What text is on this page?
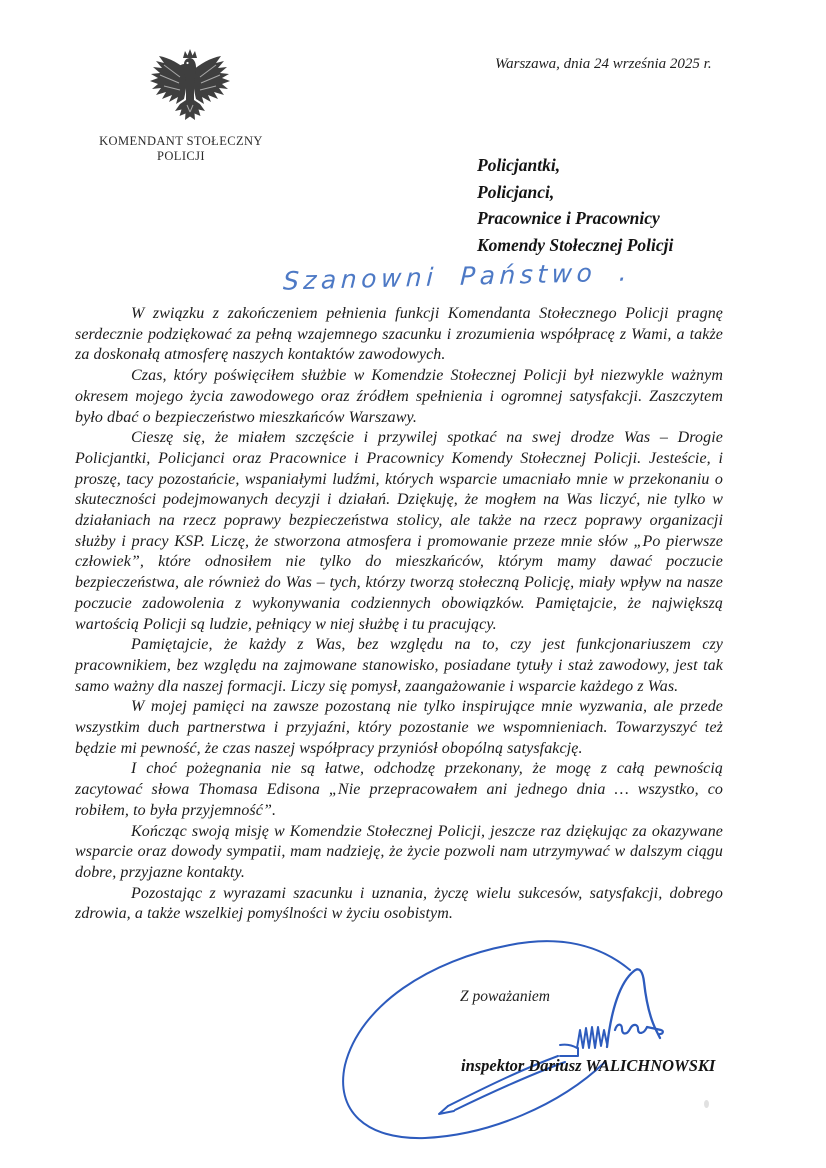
KOMENDANT STOŁECZNY POLICJI
Warszawa, dnia 24 września 2025 r.
Policjantki,
Policjanci,
Pracownice i Pracownicy
Komendy Stołecznej Policji
Szanowni Państwo .

W związku z zakończeniem pełnienia funkcji Komendanta Stołecznego Policji pragnę serdecznie podziękować za pełną wzajemnego szacunku i zrozumienia współpracę z Wami, a także za doskonałą atmosferę naszych kontaktów zawodowych.

Czas, który poświęciłem służbie w Komendzie Stołecznej Policji był niezwykle ważnym okresem mojego życia zawodowego oraz źródłem spełnienia i ogromnej satysfakcji. Zaszczytem było dbać o bezpieczeństwo mieszkańców Warszawy.

Cieszę się, że miałem szczęście i przywilej spotkać na swej drodze Was – Drogie Policjantki, Policjanci oraz Pracownice i Pracownicy Komendy Stołecznej Policji. Jesteście, i proszę, tacy pozostańcie, wspaniałymi ludźmi, których wsparcie umacniało mnie w przekonaniu o skuteczności podejmowanych decyzji i działań. Dziękuję, że mogłem na Was liczyć, nie tylko w działaniach na rzecz poprawy bezpieczeństwa stolicy, ale także na rzecz poprawy organizacji służby i pracy KSP. Liczę, że stworzona atmosfera i promowanie przeze mnie słów „Po pierwsze człowiek”, które odnosiłem nie tylko do mieszkańców, którym mamy dawać poczucie bezpieczeństwa, ale również do Was – tych, którzy tworzą stołeczną Policję, miały wpływ na nasze poczucie zadowolenia z wykonywania codziennych obowiązków. Pamiętajcie, że największą wartością Policji są ludzie, pełniący w niej służbę i tu pracujący.

Pamiętajcie, że każdy z Was, bez względu na to, czy jest funkcjonariuszem czy pracownikiem, bez względu na zajmowane stanowisko, posiadane tytuły i staż zawodowy, jest tak samo ważny dla naszej formacji. Liczy się pomysł, zaangażowanie i wsparcie każdego z Was.

W mojej pamięci na zawsze pozostaną nie tylko inspirujące mnie wyzwania, ale przede wszystkim duch partnerstwa i przyjaźni, który pozostanie we wspomnieniach. Towarzyszyć też będzie mi pewność, że czas naszej współpracy przyniósł obopólną satysfakcję.

I choć pożegnania nie są łatwe, odchodzę przekonany, że mogę z całą pewnością zacytować słowa Thomasa Edisona „Nie przepracowałem ani jednego dnia … wszystko, co robiłem, to była przyjemność”.

Kończąc swoją misję w Komendzie Stołecznej Policji, jeszcze raz dziękując za okazywane wsparcie oraz dowody sympatii, mam nadzieję, że życie pozwoli nam utrzymywać w dalszym ciągu dobre, przyjazne kontakty.

Pozostając z wyrazami szacunku i uznania, życzę wielu sukcesów, satysfakcji, dobrego zdrowia, a także wszelkiej pomyślności w życiu osobistym.

Z poważaniem
inspektor Dariusz WALICHNOWSKI
